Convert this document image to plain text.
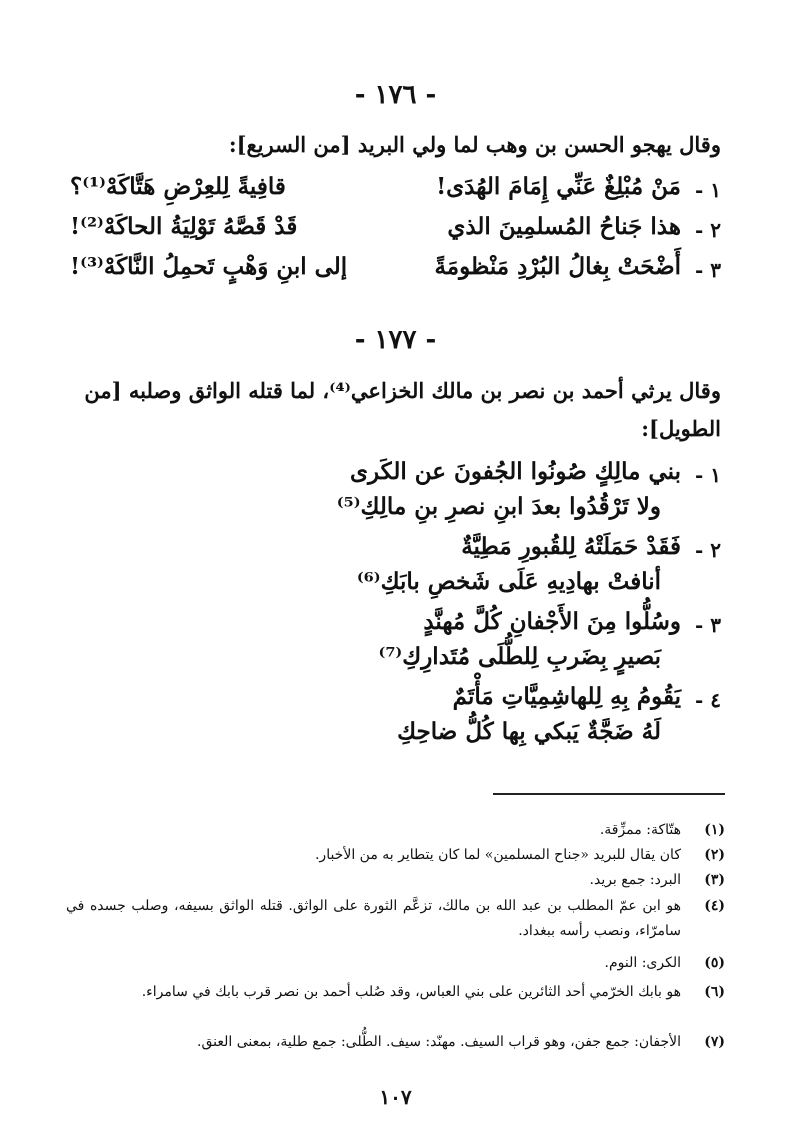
- ١٧٦ -
وقال يهجو الحسن بن وهب لما ولي البريد [من السريع]:
١ -
مَنْ مُبْلِغٌ عَنِّي إِمَامَ الهُدَى!
قافِيةً لِلعِرْضِ هَتَّاكَهْ⁽¹⁾؟
٢ -
هذا جَناحُ المُسلمِينَ الذي
قَدْ قَصَّهُ تَوْلِيَةُ الحاكَهْ⁽²⁾!
٣ -
أَضْحَتْ بِغالُ البُرْدِ مَنْظومَةً
إلى ابنِ وَهْبٍ تَحمِلُ النَّاكَهْ⁽³⁾!
- ١٧٧ -
وقال يرثي أحمد بن نصر بن مالك الخزاعي⁽⁴⁾، لما قتله الواثق وصلبه [من الطويل]:
١ -
بني مالِكٍ صُونُوا الجُفونَ عن الكَرى
ولا تَرْقُدُوا بعدَ ابنِ نصرِ بنِ مالِكِ⁽⁵⁾
٢ -
فَقَدْ حَمَلَتْهُ لِلقُبورِ مَطِيَّةٌ
أنافتْ بهادِيهِ عَلَى شَخصِ بابَكِ⁽⁶⁾
٣ -
وسُلُّوا مِنَ الأَجْفانِ كُلَّ مُهنَّدٍ
بَصيرٍ بِضَربِ لِلطُّلَى مُتَدارِكِ⁽⁷⁾
٤ -
يَقُومُ بِهِ لِلهاشِمِيَّاتِ مَأْتَمٌ
لَهُ ضَجَّةٌ يَبكي بِها كُلُّ ضاحِكِ
(١)
هتّاكة: ممزِّقة.
(٢)
كان يقال للبريد «جناح المسلمين» لما كان يتطاير به من الأخبار.
(٣)
البرد: جمع بريد.
(٤)
هو ابن عمّ المطلب بن عبد الله بن مالك، تزعَّم الثورة على الواثق. قتله الواثق بسيفه، وصلب جسده في سامرّاء، ونصب رأسه ببغداد.
(٥)
الكرى: النوم.
(٦)
هو بابك الخرّمي أحد الثائرين على بني العباس، وقد صُلب أحمد بن نصر قرب بابك في سامراء.
(٧)
الأجفان: جمع جفن، وهو قراب السيف. مهنّد: سيف. الطُّلى: جمع طلية، بمعنى العنق.
١٠٧
